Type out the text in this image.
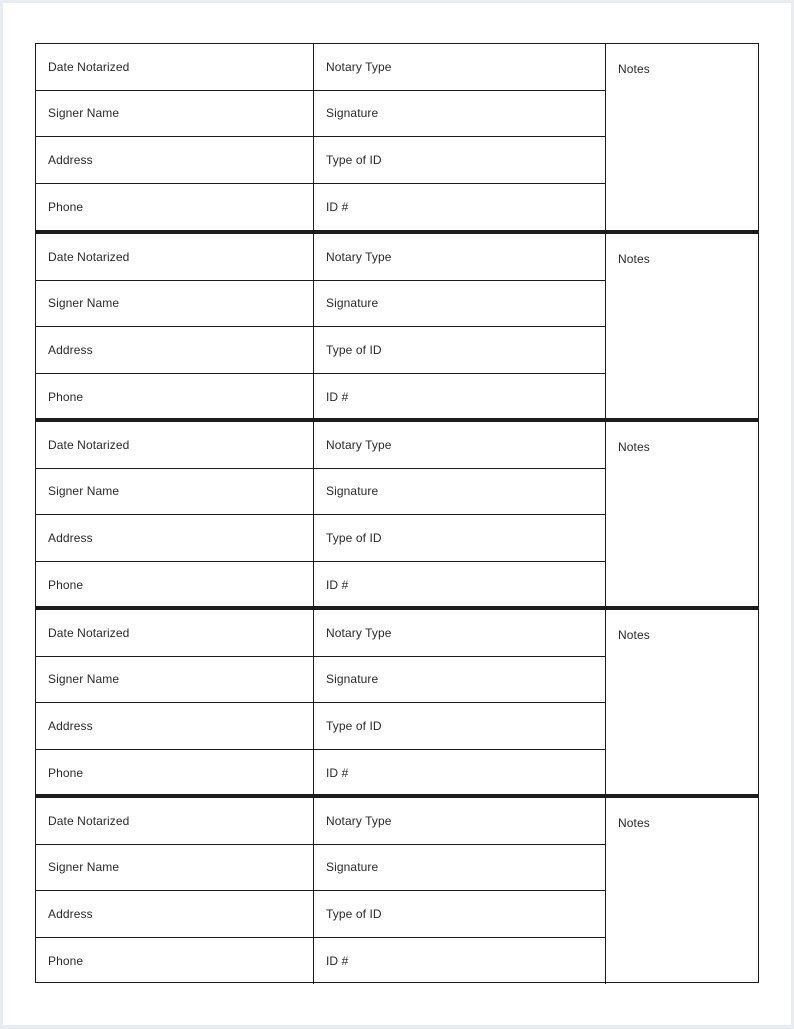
Date Notarized	Notary Type	Notes
Signer Name	Signature
Address	Type of ID
Phone	ID #
Date Notarized	Notary Type	Notes
Signer Name	Signature
Address	Type of ID
Phone	ID #
Date Notarized	Notary Type	Notes
Signer Name	Signature
Address	Type of ID
Phone	ID #
Date Notarized	Notary Type	Notes
Signer Name	Signature
Address	Type of ID
Phone	ID #
Date Notarized	Notary Type	Notes
Signer Name	Signature
Address	Type of ID
Phone	ID #
